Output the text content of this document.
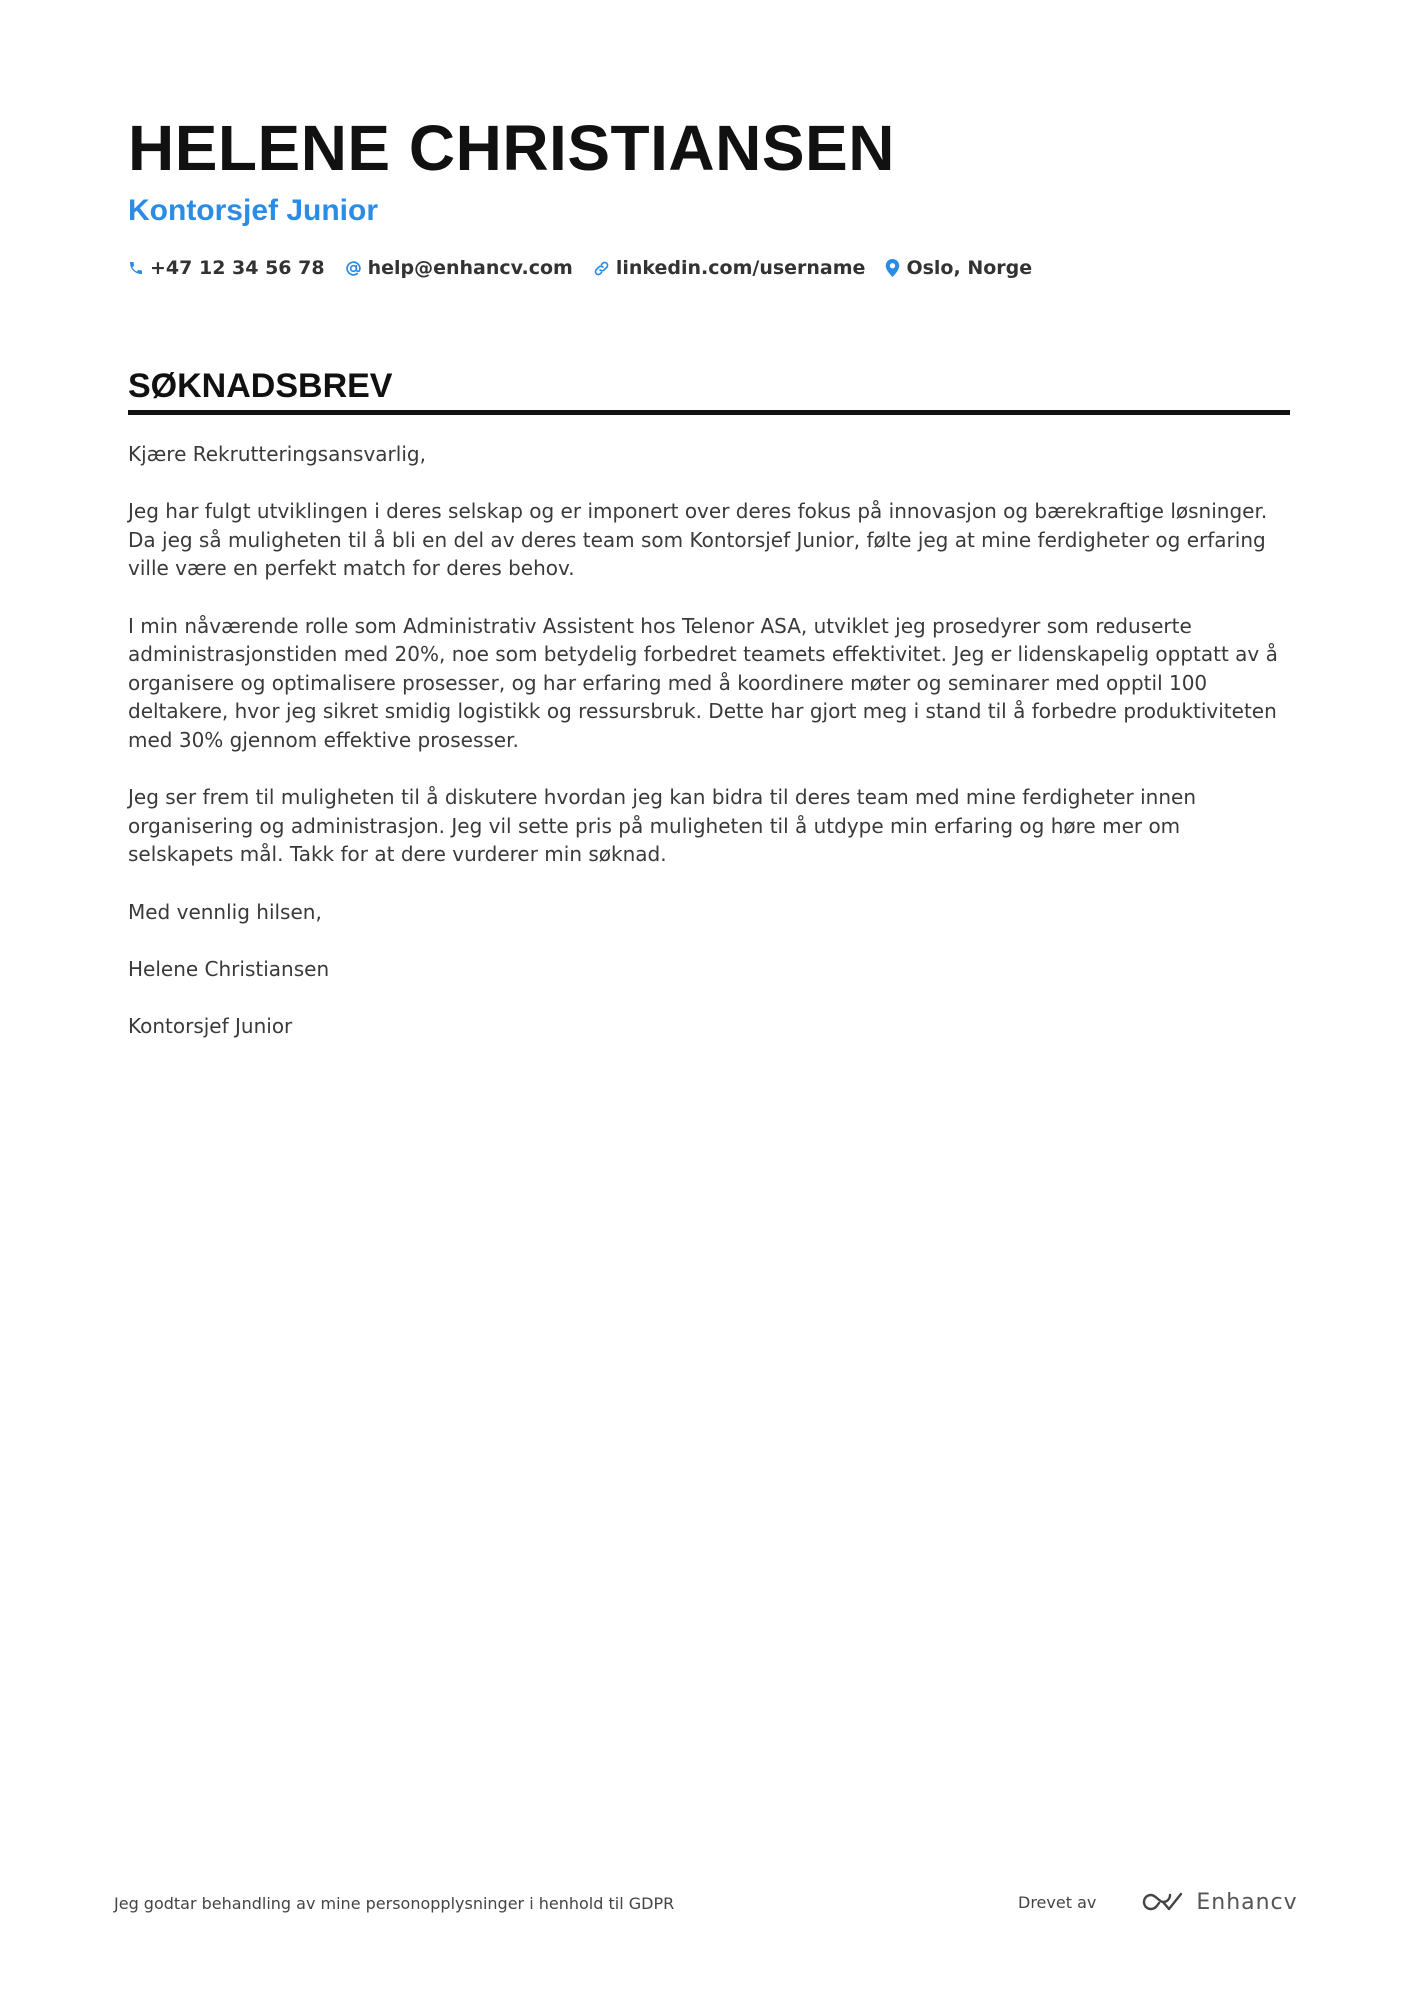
HELENE CHRISTIANSEN
Kontorsjef Junior
+47 12 34 56 78 help@enhancv.com linkedin.com/username Oslo, Norge
SØKNADSBREV

Kjære Rekrutteringsansvarlig,

Jeg har fulgt utviklingen i deres selskap og er imponert over deres fokus på innovasjon og bærekraftige løsninger. Da jeg så muligheten til å bli en del av deres team som Kontorsjef Junior, følte jeg at mine ferdigheter og erfaring ville være en perfekt match for deres behov.

I min nåværende rolle som Administrativ Assistent hos Telenor ASA, utviklet jeg prosedyrer som reduserte administrasjonstiden med 20%, noe som betydelig forbedret teamets effektivitet. Jeg er lidenskapelig opptatt av å organisere og optimalisere prosesser, og har erfaring med å koordinere møter og seminarer med opptil 100 deltakere, hvor jeg sikret smidig logistikk og ressursbruk. Dette har gjort meg i stand til å forbedre produktiviteten med 30% gjennom effektive prosesser.

Jeg ser frem til muligheten til å diskutere hvordan jeg kan bidra til deres team med mine ferdigheter innen organisering og administrasjon. Jeg vil sette pris på muligheten til å utdype min erfaring og høre mer om selskapets mål. Takk for at dere vurderer min søknad.

Med vennlig hilsen,

Helene Christiansen

Kontorsjef Junior

Jeg godtar behandling av mine personopplysninger i henhold til GDPR	Drevet av	Enhancv
